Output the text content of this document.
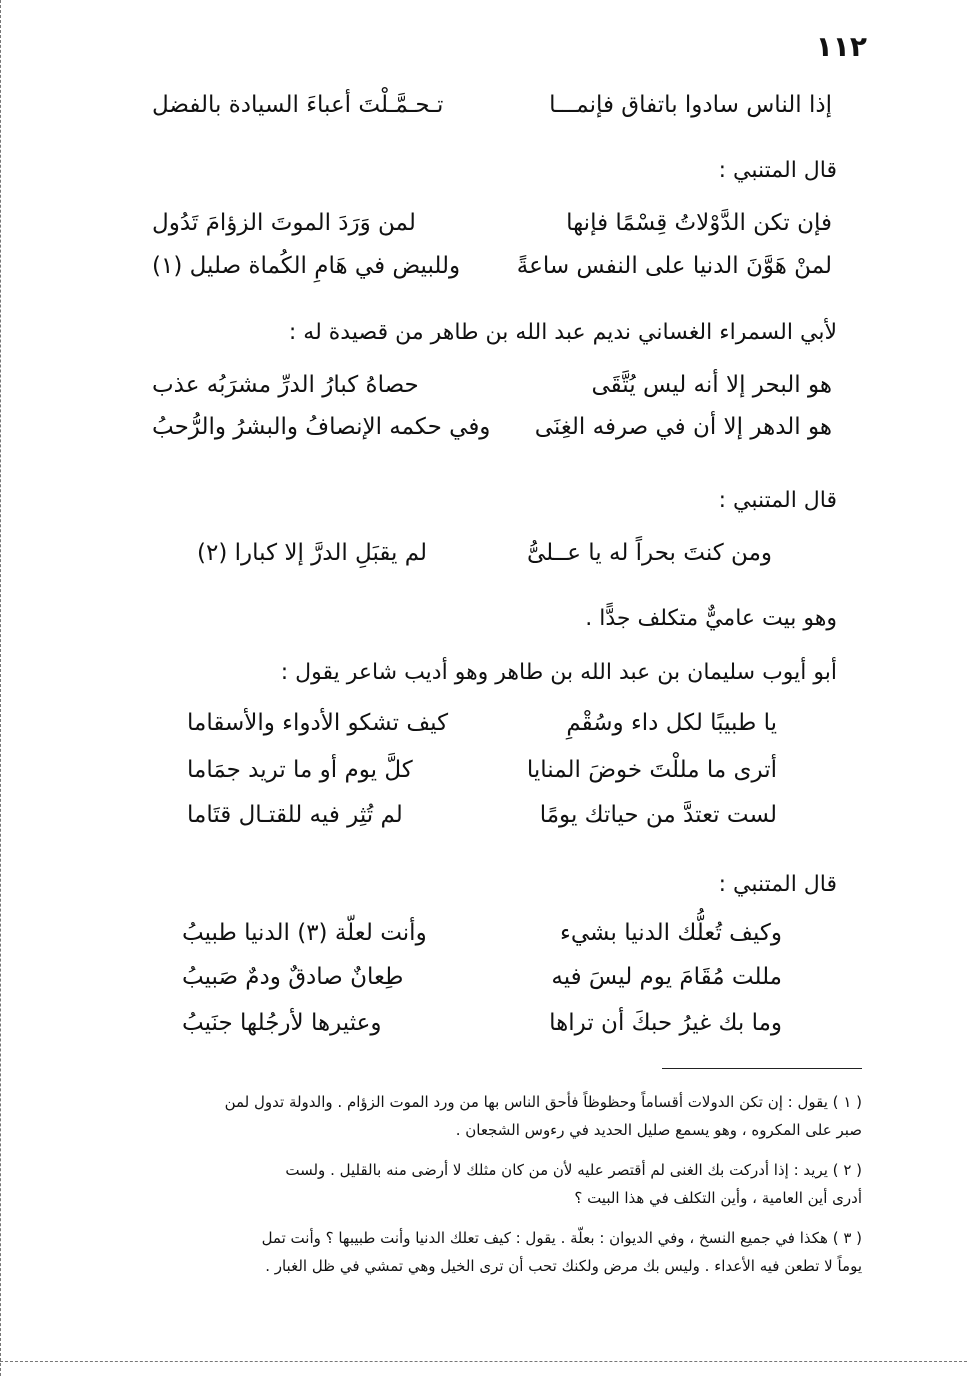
١١٢
إذا الناس سادوا باتفاق فإنمـــا
تـحـمَّـلْتَ أعباءَ السيادة بالفضل
قال المتنبي :
فإن تكن الدَّوْلاتُ قِسْمًا فإنها
لمن وَرَدَ الموتَ الزؤامَ تَدُول
لمنْ هَوَّنَ الدنيا على النفس ساعةً
وللبيض في هَامِ الكُماة صليل (١)
لأبي السمراء الغساني نديم عبد الله بن طاهر من قصيدة له :
هو البحر إلا أنه ليس يُتَّقَى
حصاهُ كبارُ الدرِّ مشرَبُه عذب
هو الدهر إلا أن في صرفه الغِنَى
وفي حكمه الإنصافُ والبشرُ والرُّحبُ
قال المتنبي :
ومن كنتَ بحراً له يا عــلىُّ
لم يقبَلِ الدرَّ إلا كبارا (٢)
وهو بيت عاميٌّ متكلف جدًّا .
أبو أيوب سليمان بن عبد الله بن طاهر وهو أديب شاعر يقول :
يا طبيبًا لكل داء وسُقْمِ
كيف تشكو الأدواء والأسقاما
أترى ما مللْتَ خوضَ المنايا
كلَّ يوم أو ما تريد جمَاما
لست تعتدَّ من حياتك يومًا
لم تُثِر فيه للقتـال قتَاما
قال المتنبي :
وكيف تُعلُّك الدنيا بشيء
وأنت لعلّة (٣) الدنيا طبيبُ
مللت مُقَامَ يوم ليسَ فيه
طِعانٌ صادقٌ ودمٌ صَبيبُ
وما بك غيرُ حبكَ أن تراها
وعثيرها لأرجُلها جنَيبُ
( ١ ) يقول : إن تكن الدولات أقساماً وحظوظاً فأحق الناس بها من ورد الموت الزؤام . والدولة تدول لمن
صبر على المكروه ، وهو يسمع صليل الحديد في رءوس الشجعان .
( ٢ ) يريد : إذا أدركت بك الغنى لم أقتصر عليه لأن من كان مثلك لا أرضى منه بالقليل . ولست
أدرى أين العامية ، وأين التكلف في هذا البيت ؟
( ٣ ) هكذا في جميع النسخ ، وفي الديوان : بعلّة . يقول : كيف تعلك الدنيا وأنت طبيبها ؟ وأنت تمل
يوماً لا تطعن فيه الأعداء . وليس بك مرض ولكنك تحب أن ترى الخيل وهي تمشي في ظل الغبار .
